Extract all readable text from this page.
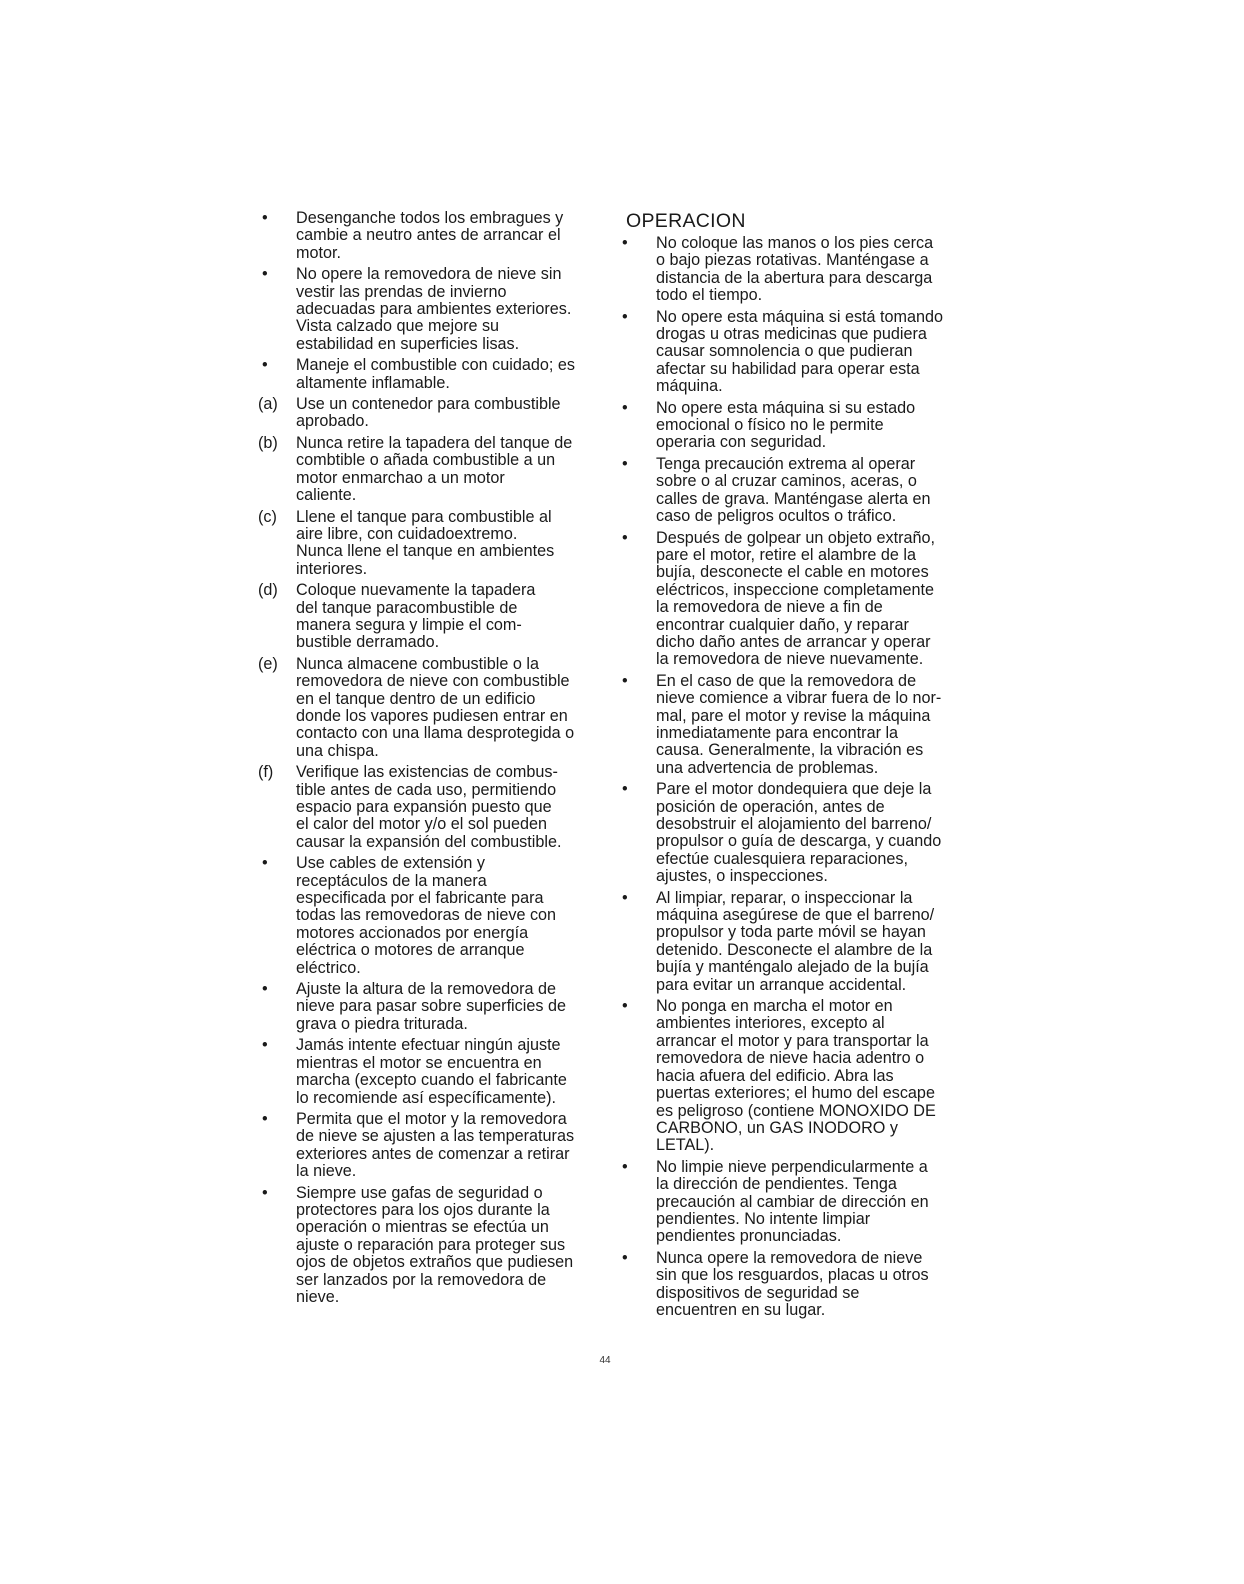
•	Desenganche todos los embragues y
cambie a neutro antes de arrancar el
motor.
•	No opere la removedora de nieve sin
vestir las prendas de invierno
adecuadas para ambientes exteriores.
Vista calzado que mejore su
estabilidad en superficies lisas.
•	Maneje el combustible con cuidado; es
altamente inflamable.
(a)	Use un contenedor para combustible
aprobado.
(b)	Nunca retire la tapadera del tanque de
combtible o añada combustible a un
motor enmarchao a un motor
caliente.
(c)	Llene el tanque para combustible al
aire libre, con cuidadoextremo.
Nunca llene el tanque en ambientes
interiores.
(d)	Coloque nuevamente la tapadera
del tanque paracombustible de
manera segura y limpie el com-
bustible derramado.
(e)	Nunca almacene combustible o la
removedora de nieve con combustible
en el tanque dentro de un edificio
donde los vapores pudiesen entrar en
contacto con una llama desprotegida o
una chispa.
(f)	Verifique las existencias de combus-
tible antes de cada uso, permitiendo
espacio para expansión puesto que
el calor del motor y/o el sol pueden
causar la expansión del combustible.
•	Use cables de extensión y
receptáculos de la manera
especificada por el fabricante para
todas las removedoras de nieve con
motores accionados por energía
eléctrica o motores de arranque
eléctrico.
•	Ajuste la altura de la removedora de
nieve para pasar sobre superficies de
grava o piedra triturada.
•	Jamás intente efectuar ningún ajuste
mientras el motor se encuentra en
marcha (excepto cuando el fabricante
lo recomiende así específicamente).
•	Permita que el motor y la removedora
de nieve se ajusten a las temperaturas
exteriores antes de comenzar a retirar
la nieve.
•	Siempre use gafas de seguridad o
protectores para los ojos durante la
operación o mientras se efectúa un
ajuste o reparación para proteger sus
ojos de objetos extraños que pudiesen
ser lanzados por la removedora de
nieve.
OPERACION
•	No coloque las manos o los pies cerca
o bajo piezas rotativas. Manténgase a
distancia de la abertura para descarga
todo el tiempo.
•	No opere esta máquina si está tomando
drogas u otras medicinas que pudiera
causar somnolencia o que pudieran
afectar su habilidad para operar esta
máquina.
•	No opere esta máquina si su estado
emocional o físico no le permite
operaria con seguridad.
•	Tenga precaución extrema al operar
sobre o al cruzar caminos, aceras, o
calles de grava. Manténgase alerta en
caso de peligros ocultos o tráfico.
•	Después de golpear un objeto extraño,
pare el motor, retire el alambre de la
bujía, desconecte el cable en motores
eléctricos, inspeccione completamente
la removedora de nieve a fin de
encontrar cualquier daño, y reparar
dicho daño antes de arrancar y operar
la removedora de nieve nuevamente.
•	En el caso de que la removedora de
nieve comience a vibrar fuera de lo nor-
mal, pare el motor y revise la máquina
inmediatamente para encontrar la
causa. Generalmente, la vibración es
una advertencia de problemas.
•	Pare el motor dondequiera que deje la
posición de operación, antes de
desobstruir el alojamiento del barreno/
propulsor o guía de descarga, y cuando
efectúe cualesquiera reparaciones,
ajustes, o inspecciones.
•	Al limpiar, reparar, o inspeccionar la
máquina asegúrese de que el barreno/
propulsor y toda parte móvil se hayan
detenido. Desconecte el alambre de la
bujía y manténgalo alejado de la bujía
para evitar un arranque accidental.
•	No ponga en marcha el motor en
ambientes interiores, excepto al
arrancar el motor y para transportar la
removedora de nieve hacia adentro o
hacia afuera del edificio. Abra las
puertas exteriores; el humo del escape
es peligroso (contiene MONOXIDO DE
CARBONO, un GAS INODORO y
LETAL).
•	No limpie nieve perpendicularmente a
la dirección de pendientes. Tenga
precaución al cambiar de dirección en
pendientes. No intente limpiar
pendientes pronunciadas.
•	Nunca opere la removedora de nieve
sin que los resguardos, placas u otros
dispositivos de seguridad se
encuentren en su lugar.
44
